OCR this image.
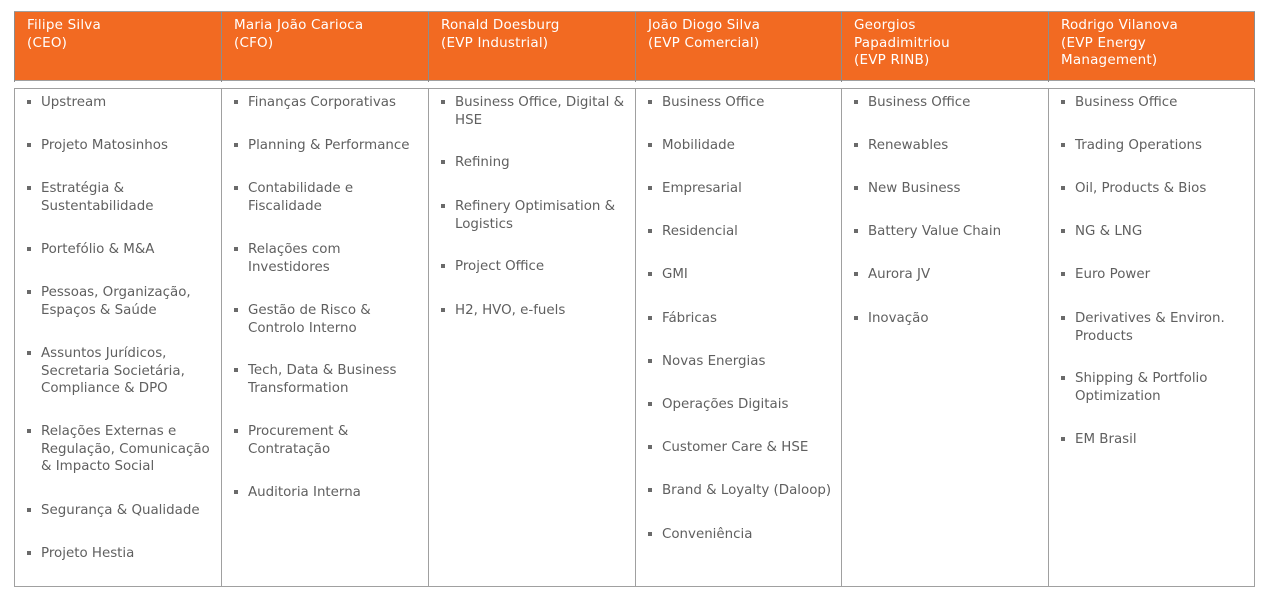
Filipe Silva
(CEO)
Maria João Carioca
(CFO)
Ronald Doesburg
(EVP Industrial)
João Diogo Silva
(EVP Comercial)
Georgios
Papadimitriou
(EVP RINB)
Rodrigo Vilanova
(EVP Energy
Management)
Upstream
Projeto Matosinhos
Estratégia &
Sustentabilidade
Portefólio & M&A
Pessoas, Organização,
Espaços & Saúde
Assuntos Jurídicos,
Secretaria Societária,
Compliance & DPO
Relações Externas e
Regulação, Comunicação
& Impacto Social
Segurança & Qualidade
Projeto Hestia
Finanças Corporativas
Planning & Performance
Contabilidade e
Fiscalidade
Relações com
Investidores
Gestão de Risco &
Controlo Interno
Tech, Data & Business
Transformation
Procurement &
Contratação
Auditoria Interna
Business Office, Digital &
HSE
Refining
Refinery Optimisation &
Logistics
Project Office
H2, HVO, e-fuels
Business Office
Mobilidade
Empresarial
Residencial
GMI
Fábricas
Novas Energias
Operações Digitais
Customer Care & HSE
Brand & Loyalty (Daloop)
Conveniência
Business Office
Renewables
New Business
Battery Value Chain
Aurora JV
Inovação
Business Office
Trading Operations
Oil, Products & Bios
NG & LNG
Euro Power
Derivatives & Environ.
Products
Shipping & Portfolio
Optimization
EM Brasil
